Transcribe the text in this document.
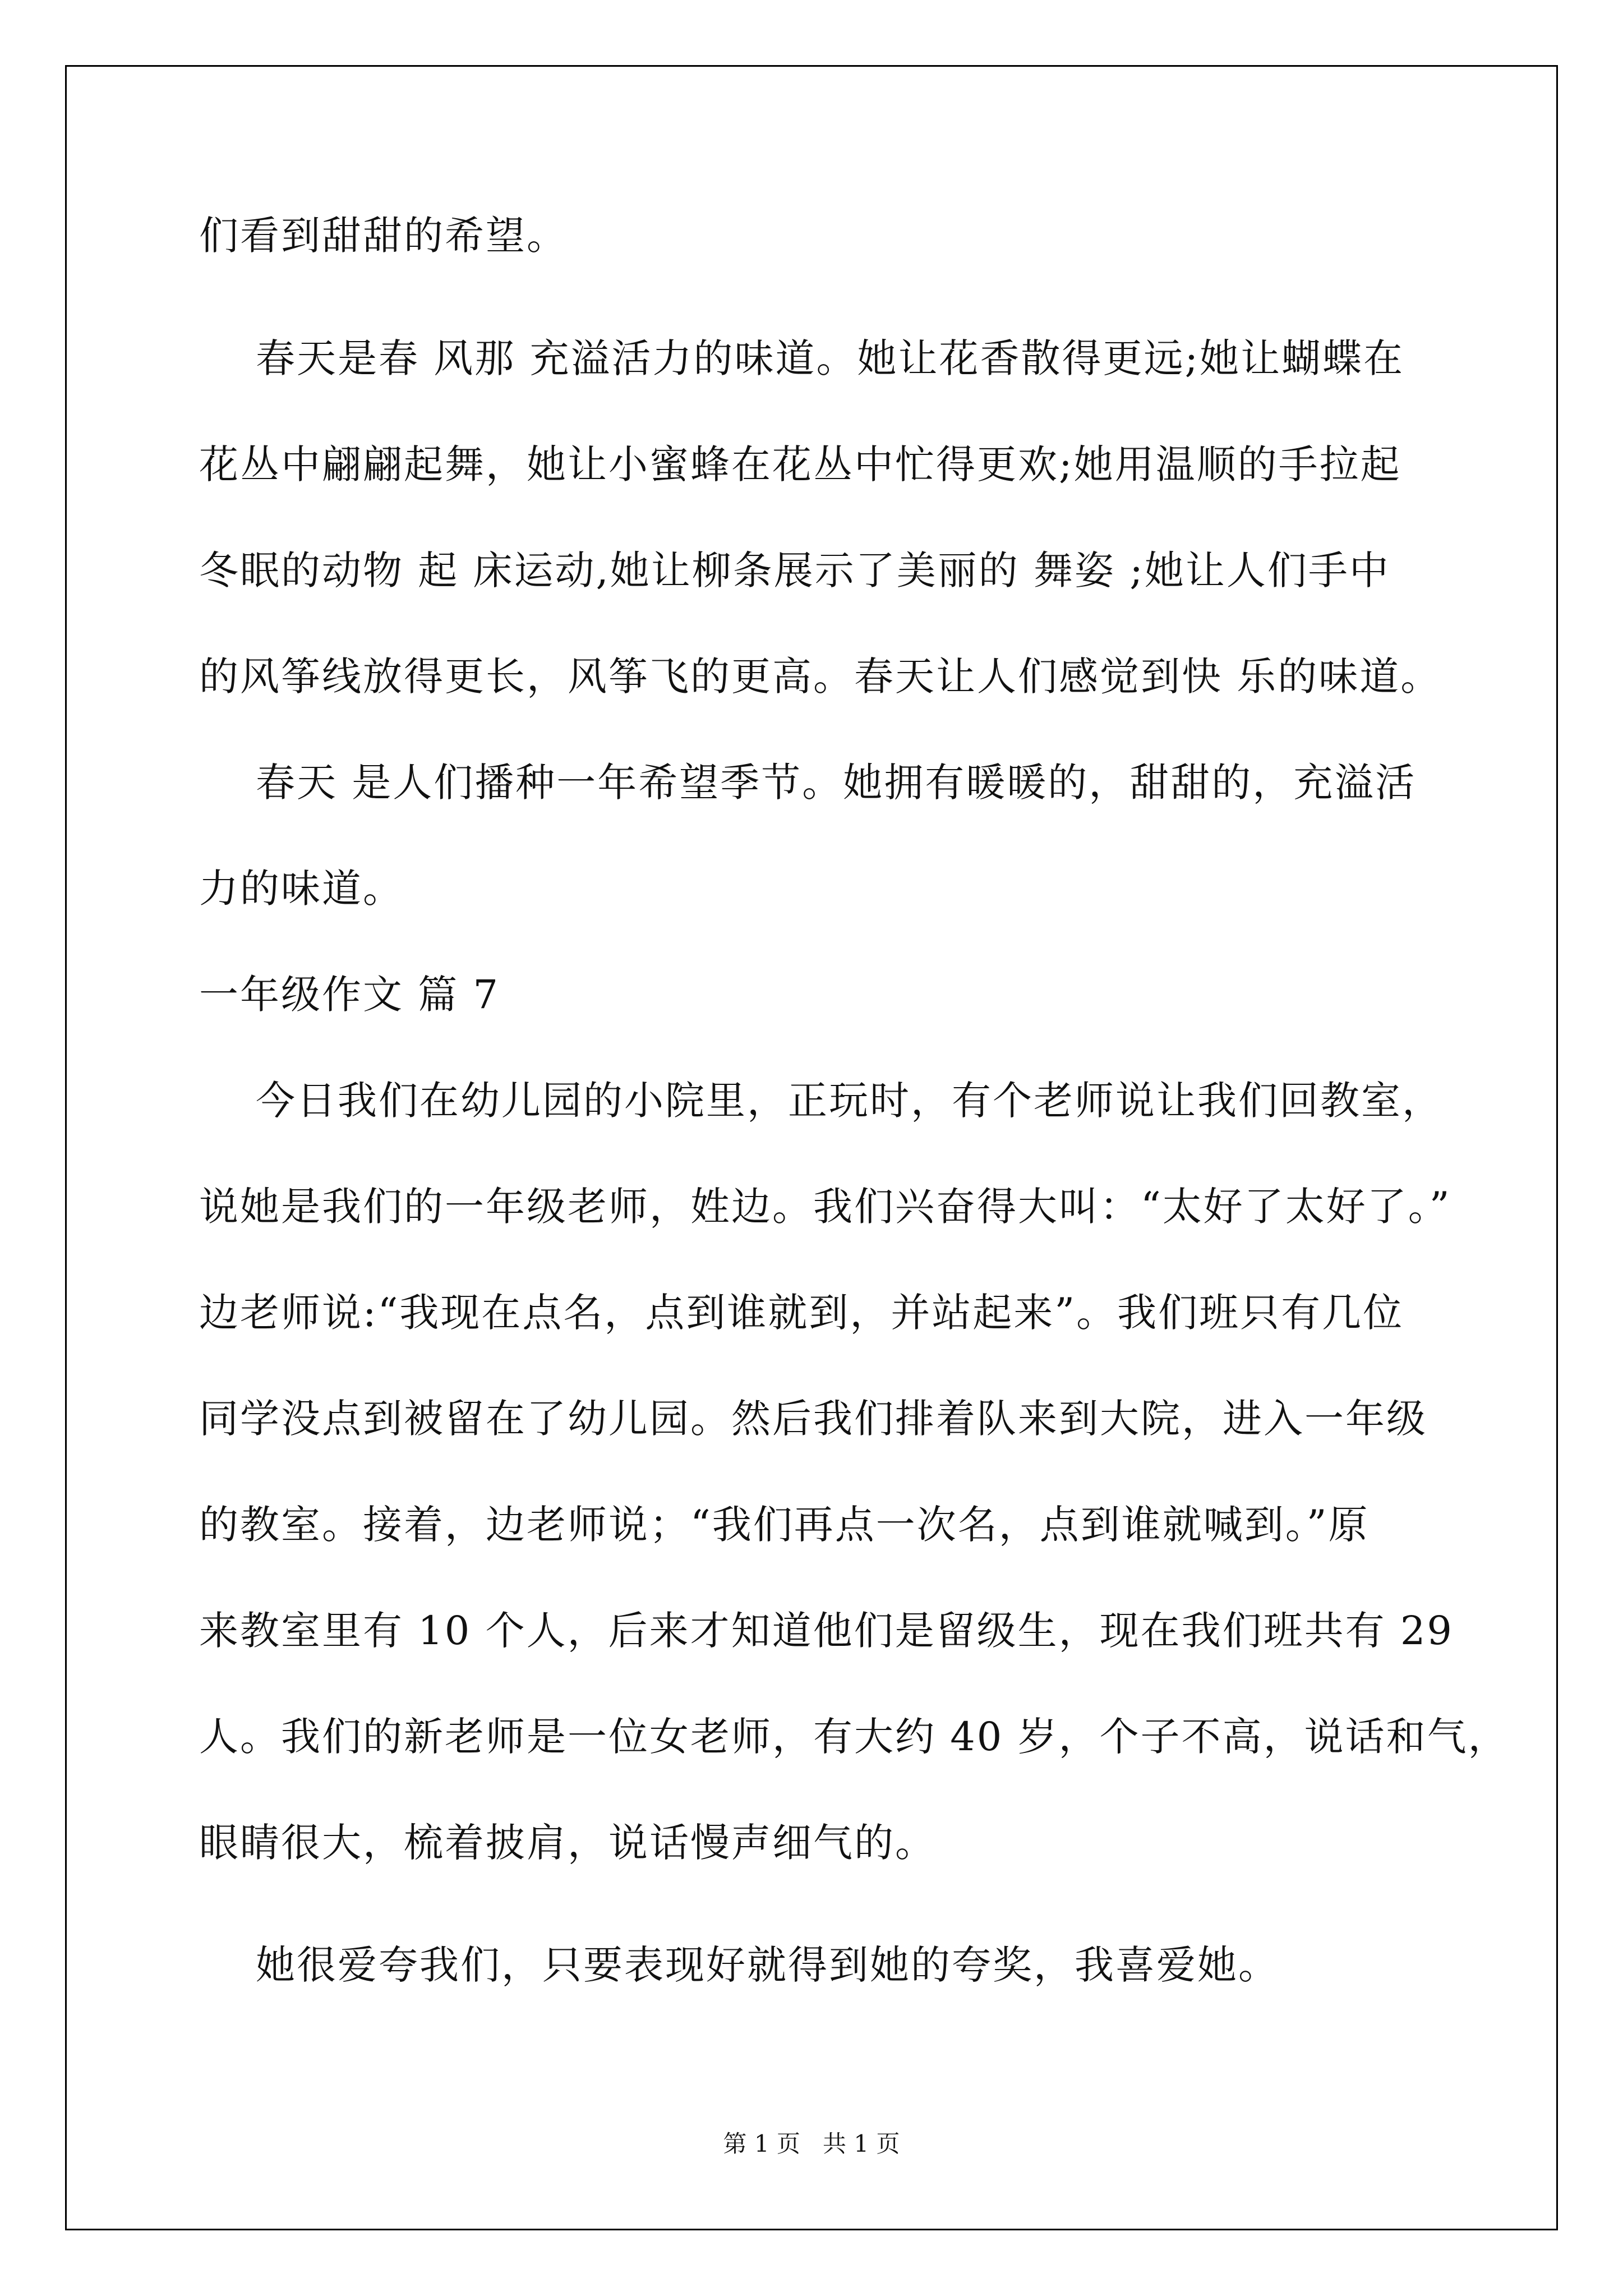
们看到甜甜的希望。
春天是春 风那 充溢活力的味道。她让花香散得更远;她让蝴蝶在
花丛中翩翩起舞，她让小蜜蜂在花丛中忙得更欢;她用温顺的手拉起
冬眠的动物 起 床运动,她让柳条展示了美丽的 舞姿 ;她让人们手中
的风筝线放得更长，风筝飞的更高。春天让人们感觉到快 乐的味道。
春天 是人们播种一年希望季节。她拥有暖暖的，甜甜的，充溢活
力的味道。
一年级作文 篇 7
今日我们在幼儿园的小院里，正玩时，有个老师说让我们回教室，
说她是我们的一年级老师，姓边。我们兴奋得大叫：“太好了太好了。”
边老师说:“我现在点名，点到谁就到，并站起来”。我们班只有几位
同学没点到被留在了幼儿园。然后我们排着队来到大院，进入一年级
的教室。接着，边老师说；“我们再点一次名，点到谁就喊到。”原
来教室里有 10 个人，后来才知道他们是留级生，现在我们班共有 29
人。我们的新老师是一位女老师，有大约 40 岁，个子不高，说话和气，
眼睛很大，梳着披肩，说话慢声细气的。
她很爱夸我们，只要表现好就得到她的夸奖，我喜爱她。
第 1 页   共 1 页
